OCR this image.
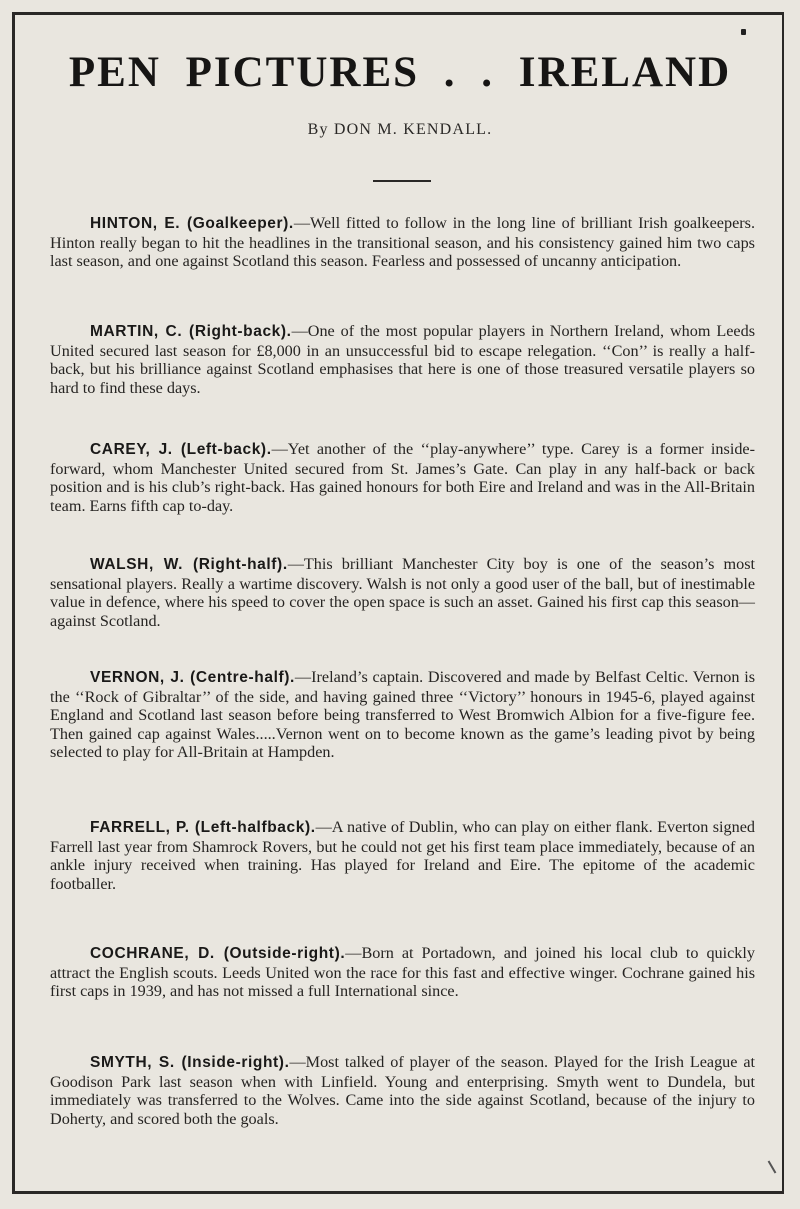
PEN PICTURES . . IRELAND
By DON M. KENDALL.

HINTON, E. (Goalkeeper).—Well fitted to follow in the long line of brilliant Irish goalkeepers. Hinton really began to hit the headlines in the transitional season, and his consistency gained him two caps last season, and one against Scotland this season. Fearless and possessed of uncanny anticipation.

MARTIN, C. (Right-back).—One of the most popular players in Northern Ireland, whom Leeds United secured last season for £8,000 in an unsuccessful bid to escape relegation. ‘‘Con’’ is really a half-back, but his brilliance against Scotland emphasises that here is one of those treasured versatile players so hard to find these days.

CAREY, J. (Left-back).—Yet another of the ‘‘play-anywhere’’ type. Carey is a former inside-forward, whom Manchester United secured from St. James’s Gate. Can play in any half-back or back position and is his club’s right-back. Has gained honours for both Eire and Ireland and was in the All-Britain team. Earns fifth cap to-day.

WALSH, W. (Right-half).—This brilliant Manchester City boy is one of the season’s most sensational players. Really a wartime discovery. Walsh is not only a good user of the ball, but of inestimable value in defence, where his speed to cover the open space is such an asset. Gained his first cap this season—against Scotland.

VERNON, J. (Centre-half).—Ireland’s captain. Discovered and made by Belfast Celtic. Vernon is the ‘‘Rock of Gibraltar’’ of the side, and having gained three ‘‘Victory’’ honours in 1945-6, played against England and Scotland last season before being transferred to West Bromwich Albion for a five-figure fee. Then gained cap against Wales.....Vernon went on to become known as the game’s leading pivot by being selected to play for All-Britain at Hampden.

FARRELL, P. (Left-halfback).—A native of Dublin, who can play on either flank. Everton signed Farrell last year from Shamrock Rovers, but he could not get his first team place immediately, because of an ankle injury received when training. Has played for Ireland and Eire. The epitome of the academic footballer.

COCHRANE, D. (Outside-right).—Born at Portadown, and joined his local club to quickly attract the English scouts. Leeds United won the race for this fast and effective winger. Cochrane gained his first caps in 1939, and has not missed a full International since.

SMYTH, S. (Inside-right).—Most talked of player of the season. Played for the Irish League at Goodison Park last season when with Linfield. Young and enterprising. Smyth went to Dundela, but immediately was transferred to the Wolves. Came into the side against Scotland, because of the injury to Doherty, and scored both the goals.
